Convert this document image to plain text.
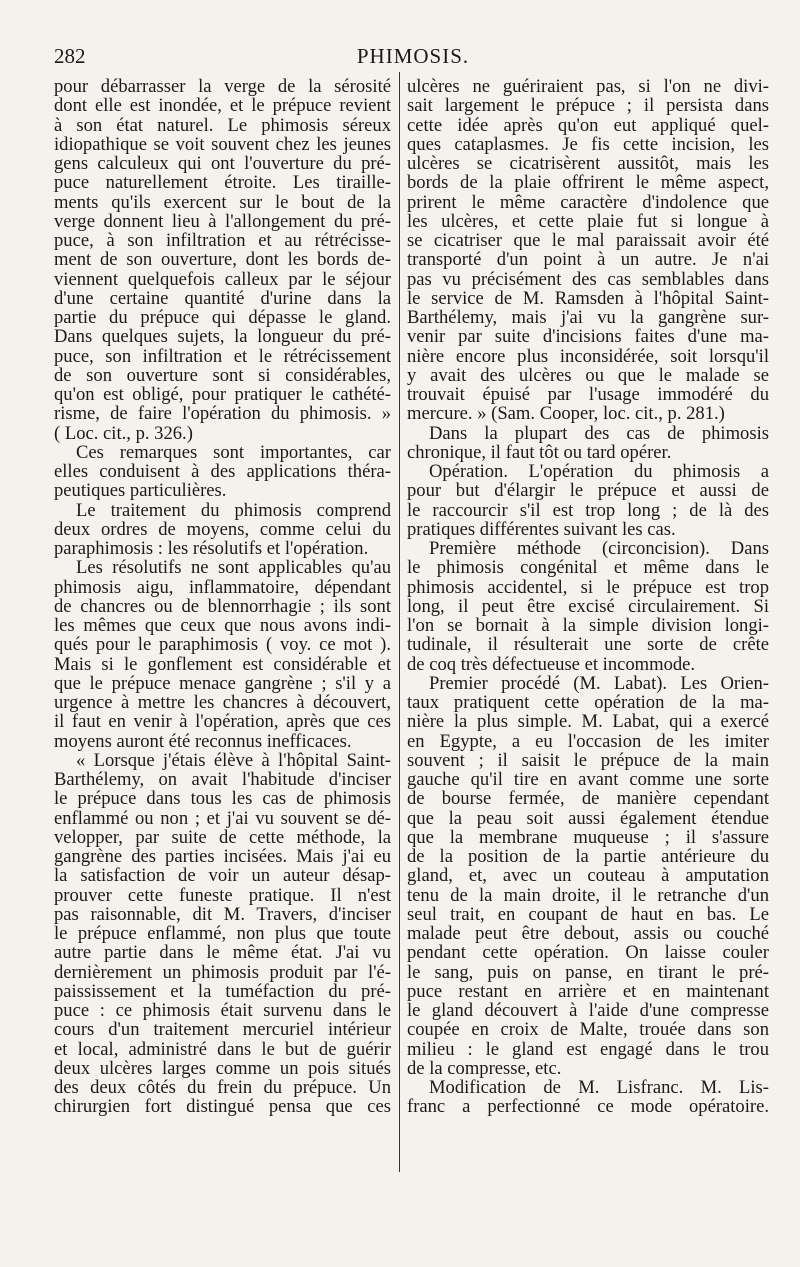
282	PHIMOSIS.
pour débarrasser la verge de la sérosité
dont elle est inondée, et le prépuce revient
à son état naturel. Le phimosis séreux
idiopathique se voit souvent chez les jeunes
gens calculeux qui ont l'ouverture du pré-
puce naturellement étroite. Les tiraille-
ments qu'ils exercent sur le bout de la
verge donnent lieu à l'allongement du pré-
puce, à son infiltration et au rétrécisse-
ment de son ouverture, dont les bords de-
viennent quelquefois calleux par le séjour
d'une certaine quantité d'urine dans la
partie du prépuce qui dépasse le gland.
Dans quelques sujets, la longueur du pré-
puce, son infiltration et le rétrécissement
de son ouverture sont si considérables,
qu'on est obligé, pour pratiquer le cathété-
risme, de faire l'opération du phimosis. »
( Loc. cit., p. 326.)
Ces remarques sont importantes, car
elles conduisent à des applications théra-
peutiques particulières.
Le traitement du phimosis comprend
deux ordres de moyens, comme celui du
paraphimosis : les résolutifs et l'opération.
Les résolutifs ne sont applicables qu'au
phimosis aigu, inflammatoire, dépendant
de chancres ou de blennorrhagie ; ils sont
les mêmes que ceux que nous avons indi-
qués pour le paraphimosis ( voy. ce mot ).
Mais si le gonflement est considérable et
que le prépuce menace gangrène ; s'il y a
urgence à mettre les chancres à découvert,
il faut en venir à l'opération, après que ces
moyens auront été reconnus inefficaces.
« Lorsque j'étais élève à l'hôpital Saint-
Barthélemy, on avait l'habitude d'inciser
le prépuce dans tous les cas de phimosis
enflammé ou non ; et j'ai vu souvent se dé-
velopper, par suite de cette méthode, la
gangrène des parties incisées. Mais j'ai eu
la satisfaction de voir un auteur désap-
prouver cette funeste pratique. Il n'est
pas raisonnable, dit M. Travers, d'inciser
le prépuce enflammé, non plus que toute
autre partie dans le même état. J'ai vu
dernièrement un phimosis produit par l'é-
paississement et la tuméfaction du pré-
puce : ce phimosis était survenu dans le
cours d'un traitement mercuriel intérieur
et local, administré dans le but de guérir
deux ulcères larges comme un pois situés
des deux côtés du frein du prépuce. Un
chirurgien fort distingué pensa que ces
ulcères ne guériraient pas, si l'on ne divi-
sait largement le prépuce ; il persista dans
cette idée après qu'on eut appliqué quel-
ques cataplasmes. Je fis cette incision, les
ulcères se cicatrisèrent aussitôt, mais les
bords de la plaie offrirent le même aspect,
prirent le même caractère d'indolence que
les ulcères, et cette plaie fut si longue à
se cicatriser que le mal paraissait avoir été
transporté d'un point à un autre. Je n'ai
pas vu précisément des cas semblables dans
le service de M. Ramsden à l'hôpital Saint-
Barthélemy, mais j'ai vu la gangrène sur-
venir par suite d'incisions faites d'une ma-
nière encore plus inconsidérée, soit lorsqu'il
y avait des ulcères ou que le malade se
trouvait épuisé par l'usage immodéré du
mercure. » (Sam. Cooper, loc. cit., p. 281.)
Dans la plupart des cas de phimosis
chronique, il faut tôt ou tard opérer.
Opération. L'opération du phimosis a
pour but d'élargir le prépuce et aussi de
le raccourcir s'il est trop long ; de là des
pratiques différentes suivant les cas.
Première méthode (circoncision). Dans
le phimosis congénital et même dans le
phimosis accidentel, si le prépuce est trop
long, il peut être excisé circulairement. Si
l'on se bornait à la simple division longi-
tudinale, il résulterait une sorte de crête
de coq très défectueuse et incommode.
Premier procédé (M. Labat). Les Orien-
taux pratiquent cette opération de la ma-
nière la plus simple. M. Labat, qui a exercé
en Egypte, a eu l'occasion de les imiter
souvent ; il saisit le prépuce de la main
gauche qu'il tire en avant comme une sorte
de bourse fermée, de manière cependant
que la peau soit aussi également étendue
que la membrane muqueuse ; il s'assure
de la position de la partie antérieure du
gland, et, avec un couteau à amputation
tenu de la main droite, il le retranche d'un
seul trait, en coupant de haut en bas. Le
malade peut être debout, assis ou couché
pendant cette opération. On laisse couler
le sang, puis on panse, en tirant le pré-
puce restant en arrière et en maintenant
le gland découvert à l'aide d'une compresse
coupée en croix de Malte, trouée dans son
milieu : le gland est engagé dans le trou
de la compresse, etc.
Modification de M. Lisfranc. M. Lis-
franc a perfectionné ce mode opératoire.
